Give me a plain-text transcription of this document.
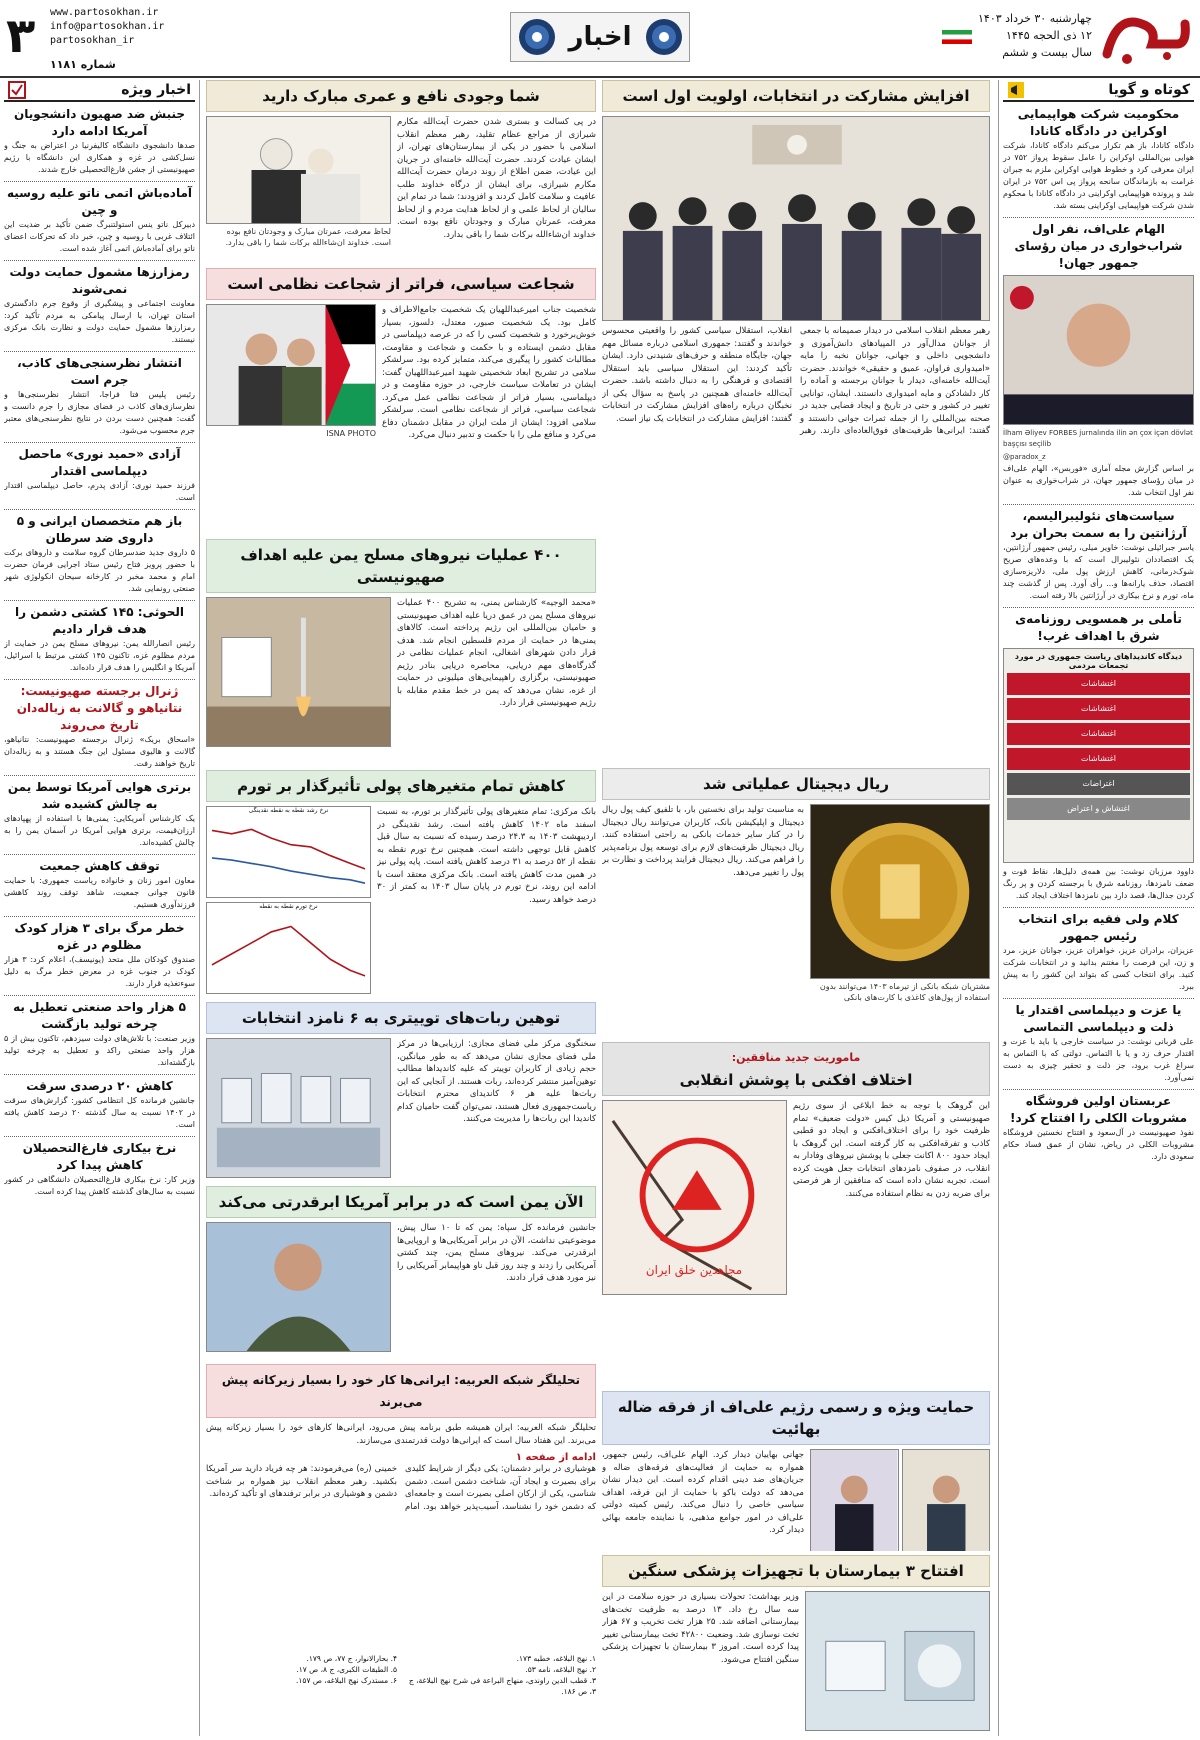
چهارشنبه ۳۰ خرداد ۱۴۰۳
۱۲ ذی الحجه ۱۴۴۵
سال بیست و ششم
اخبار
www.partosokhan.ir
info@partosokhan.ir
partosokhan_ir
شماره ۱۱۸۱
۳
کوتاه و گویا
محکومیت شرکت هواپیمایی اوکراین در دادگاه کانادا
دادگاه کانادا، باز هم تکرار می‌کنم دادگاه کانادا، شرکت هوایی بین‌المللی اوکراین را عامل سقوط پرواز ۷۵۲ در ایران معرفی کرد و خطوط هوایی اوکراین ملزم به جبران غرامت به بازماندگان سانحه پرواز پی اس ۷۵۲ در ایران شد و پرونده هواپیمایی اوکراینی در دادگاه کانادا با محکوم شدن شرکت هواپیمایی اوکراینی بسته شد.
الهام علی‌اف، نفر اول شراب‌خواری در میان رؤسای جمهور جهان!
İlham Əliyev FORBES jurnalında ilin ən çox içən dövlət başçısı seçilib
@paradox_z
بر اساس گزارش مجله آماری «فوربس»، الهام علی‌اف در میان رؤسای جمهور جهان، در شراب‌خواری به عنوان نفر اول انتخاب شد.
سیاست‌های نئولیبرالیسم، آرژانتین را به سمت بحران برد
یاسر جبرائیلی نوشت: خاویر میلی، رئیس جمهور آرژانتین، یک اقتصاددان نئولیبرال است که با وعده‌های صریح شوک‌درمانی، کاهش ارزش پول ملی، دلاریزه‌سازی اقتصاد، حذف یارانه‌ها و... رأی آورد. پس از گذشت چند ماه، تورم و نرخ بیکاری در آرژانتین بالا رفته است.
تأملی بر همسویی روزنامه‌ی شرق با اهداف غرب!
دیدگاه کاندیداهای ریاست جمهوری در مورد تجمعات مردمی
اغتشاشات
اغتشاشات
اغتشاشات
اغتشاشات
اغتراضات
اغتشاش و اعتراض
داوود مرزبان نوشت: بین همه‌ی دلیل‌ها، نقاط قوت و ضعف نامزدها، روزنامه شرق با برجسته کردن و پر رنگ کردن جدال‌ها، قصد دارد بین نامزدها اختلاف ایجاد کند.
کلام ولی فقیه برای انتخاب رئیس جمهور
عزیزان، برادران عزیز، خواهران عزیز، جوانان عزیز، مرد و زن، این فرصت را مغتنم بدانید و در انتخابات شرکت کنید. برای انتخاب کسی که بتواند این کشور را به پیش ببرد.
یا عزت و دیپلماسی اقتدار یا ذلت و دیپلماسی التماسی
علی قربانی نوشت: در سیاست خارجی یا باید با عزت و اقتدار حرف زد و یا با التماس. دولتی که با التماس به سراغ غرب برود، جز ذلت و تحقیر چیزی به دست نمی‌آورد.
عربستان اولین فروشگاه مشروبات الکلی را افتتاح کرد!
نفوذ صهیونیست در آل‌سعود و افتتاح نخستین فروشگاه مشروبات الکلی در ریاض، نشان از عمق فساد حکام سعودی دارد.
اخبار ویژه
جنبش ضد صهیون دانشجویان آمریکا ادامه دارد
صدها دانشجوی دانشگاه کالیفرنیا در اعتراض به جنگ و نسل‌کشی در غزه و همکاری این دانشگاه با رژیم صهیونیستی از جشن فارغ‌التحصیلی خارج شدند.
آماده‌باش اتمی ناتو علیه روسیه و چین
دبیرکل ناتو ینس استولتنبرگ ضمن تأکید بر ضدیت این ائتلاف غربی با روسیه و چین، خبر داد که تحرکات اعضای ناتو برای آماده‌باش اتمی آغاز شده است.
رمزارزها مشمول حمایت دولت نمی‌شوند
معاونت اجتماعی و پیشگیری از وقوع جرم دادگستری استان تهران، با ارسال پیامکی به مردم تأکید کرد: رمزارزها مشمول حمایت دولت و نظارت بانک مرکزی نیستند.
انتشار نظرسنجی‌های کاذب، جرم است
رئیس پلیس فتا فراجا، انتشار نظرسنجی‌ها و نظرسازی‌های کاذب در فضای مجازی را جرم دانست و گفت: همچنین دست بردن در نتایج نظرسنجی‌های معتبر جرم محسوب می‌شود.
آزادی «حمید نوری» ماحصل دیپلماسی اقتدار
فرزند حمید نوری: آزادی پدرم، حاصل دیپلماسی اقتدار است.
باز هم متخصصان ایرانی و ۵ داروی ضد سرطان
۵ داروی جدید ضدسرطان گروه سلامت و داروهای برکت با حضور پرویز فتاح رئیس ستاد اجرایی فرمان حضرت امام و محمد مخبر در کارخانه سیحان انکولوژی شهر صنعتی رونمایی شد.
الحوثی: ۱۴۵ کشتی دشمن را هدف قرار دادیم
رئیس انصارالله یمن: نیروهای مسلح یمن در حمایت از مردم مظلوم غزه، تاکنون ۱۴۵ کشتی مرتبط با اسرائیل، آمریکا و انگلیس را هدف قرار داده‌اند.
ژنرال برجسته صهیونیست: نتانیاهو و گالانت به زباله‌دان تاریخ می‌روند
«اسحاق بریک» ژنرال برجسته صهیونیست: نتانیاهو، گالانت و هالیوی مسئول این جنگ هستند و به زباله‌دان تاریخ خواهند رفت.
برتری هوایی آمریکا توسط یمن به چالش کشیده شد
یک کارشناس آمریکایی: یمنی‌ها با استفاده از پهپادهای ارزان‌قیمت، برتری هوایی آمریکا در آسمان یمن را به چالش کشیده‌اند.
توقف کاهش جمعیت
معاون امور زنان و خانواده ریاست جمهوری: با حمایت قانون جوانی جمعیت، شاهد توقف روند کاهشی فرزندآوری هستیم.
خطر مرگ برای ۳ هزار کودک مظلوم در غزه
صندوق کودکان ملل متحد (یونیسف)، اعلام کرد: ۳ هزار کودک در جنوب غزه در معرض خطر مرگ به دلیل سوءتغذیه قرار دارند.
۵ هزار واحد صنعتی تعطیل به چرخه تولید بازگشت
وزیر صنعت: با تلاش‌های دولت سیزدهم، تاکنون بیش از ۵ هزار واحد صنعتی راکد و تعطیل به چرخه تولید بازگشته‌اند.
کاهش ۲۰ درصدی سرقت
جانشین فرمانده کل انتظامی کشور: گزارش‌های سرقت در ۱۴۰۲ نسبت به سال گذشته ۲۰ درصد کاهش یافته است.
نرخ بیکاری فارغ‌التحصیلان کاهش پیدا کرد
وزیر کار: نرخ بیکاری فارغ‌التحصیلان دانشگاهی در کشور نسبت به سال‌های گذشته کاهش پیدا کرده است.
افزایش مشارکت در انتخابات، اولویت اول است
رهبر معظم انقلاب اسلامی در دیدار صمیمانه با جمعی از جوانان مدال‌آور در المپیادهای دانش‌آموزی و دانشجویی داخلی و جهانی، جوانان نخبه را مایه «امیدواری فراوان، عمیق و حقیقی» خواندند. حضرت آیت‌الله خامنه‌ای، دیدار با جوانان برجسته و آماده را کار دلشادکن و مایه امیدواری دانستند. ایشان، توانایی تغییر در کشور و حتی در تاریخ و ایجاد فضایی جدید در صحنه بین‌المللی را از جمله ثمرات جوانی دانستند و گفتند: ایرانی‌ها ظرفیت‌های فوق‌العاده‌ای دارند. رهبر انقلاب، استقلال سیاسی کشور را واقعیتی محسوس خواندند و گفتند: جمهوری اسلامی درباره مسائل مهم جهان، جایگاه منطقه و حرف‌های شنیدنی دارد. ایشان تأکید کردند: این استقلال سیاسی باید استقلال اقتصادی و فرهنگی را به دنبال داشته باشد. حضرت آیت‌الله خامنه‌ای همچنین در پاسخ به سؤال یکی از نخبگان درباره راه‌های افزایش مشارکت در انتخابات گفتند: افزایش مشارکت در انتخابات یک نیاز است.
شما وجودی نافع و عمری مبارک دارید
در پی کسالت و بستری شدن حضرت آیت‌الله مکارم شیرازی از مراجع عظام تقلید، رهبر معظم انقلاب اسلامی با حضور در یکی از بیمارستان‌های تهران، از ایشان عیادت کردند. حضرت آیت‌الله خامنه‌ای در جریان این عیادت، ضمن اطلاع از روند درمان حضرت آیت‌الله مکارم شیرازی، برای ایشان از درگاه خداوند طلب عافیت و سلامت کامل کردند و افزودند: شما در تمام این سالیان از لحاظ علمی و از لحاظ هدایت مردم و از لحاظ معرفت، عمرتان مبارک و وجودتان نافع بوده است. خداوند ان‌شاءالله برکات شما را باقی بدارد.
لحاظ معرفت، عمرتان مبارک و وجودتان نافع بوده است. خداوند ان‌شاءالله برکات شما را باقی بدارد.
شجاعت سیاسی، فراتر از شجاعت نظامی است
شخصیت جناب امیرعبداللهیان یک شخصیت جامع‌الاطراف و کامل بود. یک شخصیت صبور، معتدل، دلسوز، بسیار خوش‌برخورد و شخصیت کسی را که در عرصه دیپلماسی در مقابل دشمن ایستاده و با حکمت و شجاعت و مقاومت، مطالبات کشور را پیگیری می‌کند، متمایز کرده بود. سرلشکر سلامی در تشریح ابعاد شخصیتی شهید امیرعبداللهیان گفت: ایشان در تعاملات سیاست خارجی، در حوزه مقاومت و در دیپلماسی، بسیار فراتر از شجاعت نظامی عمل می‌کرد. شجاعت سیاسی، فراتر از شجاعت نظامی است. سرلشکر سلامی افزود: ایشان از ملت ایران در مقابل دشمنان دفاع می‌کرد و منافع ملی را با حکمت و تدبیر دنبال می‌کرد.
ISNA PHOTO
۴۰۰ عملیات نیروهای مسلح یمن علیه اهداف صهیونیستی
«محمد الوجیه» کارشناس یمنی، به تشریح ۴۰۰ عملیات نیروهای مسلح یمن در عمق دریا علیه اهداف صهیونیستی و حامیان بین‌المللی این رژیم پرداخته است. کالاهای یمنی‌ها در حمایت از مردم فلسطین انجام شد. هدف قرار دادن شهرهای اشغالی، انجام عملیات نظامی در گذرگاه‌های مهم دریایی، محاصره دریایی بنادر رژیم صهیونیستی، برگزاری راهپیمایی‌های میلیونی در حمایت از غزه، نشان می‌دهد که یمن در خط مقدم مقابله با رژیم صهیونیستی قرار دارد.
ریال دیجیتال عملیاتی شد
مشتریان شبکه بانکی از تیرماه ۱۴۰۳ می‌توانند بدون استفاده از پول‌های کاغذی با کارت‌های بانکی
به مناسبت تولید برای نخستین بار، با تلفیق کیف پول ریال دیجیتال و اپلیکیشن بانک، کاربران می‌توانند ریال دیجیتال را در کنار سایر خدمات بانکی به راحتی استفاده کنند. ریال دیجیتال ظرفیت‌های لازم برای توسعه پول برنامه‌پذیر را فراهم می‌کند. ریال دیجیتال فرایند پرداخت و نظارت بر پول را تغییر می‌دهد.
کاهش تمام متغیرهای پولی تأثیرگذار بر تورم
بانک مرکزی: تمام متغیرهای پولی تأثیرگذار بر تورم، به نسبت اسفند ماه ۱۴۰۲ کاهش یافته است. رشد نقدینگی در اردیبهشت ۱۴۰۳ به ۲۴.۳ درصد رسیده که نسبت به سال قبل کاهش قابل توجهی داشته است. همچنین نرخ تورم نقطه به نقطه از ۵۲ درصد به ۳۱ درصد کاهش یافته است. پایه پولی نیز در همین مدت کاهش یافته است. بانک مرکزی معتقد است با ادامه این روند، نرخ تورم در پایان سال ۱۴۰۳ به کمتر از ۳۰ درصد خواهد رسید.
نرخ رشد نقطه به نقطه نقدینگی
نرخ تورم نقطه به نقطه
توهین ربات‌های توییتری به ۶ نامزد انتخابات
سخنگوی مرکز ملی فضای مجازی: ارزیابی‌ها در مرکز ملی فضای مجازی نشان می‌دهد که به طور میانگین، حجم زیادی از کاربران توییتر که علیه کاندیداها مطالب توهین‌آمیز منتشر کرده‌اند، ربات هستند. از آنجایی که این ربات‌ها علیه هر ۶ کاندیدای محترم انتخابات ریاست‌جمهوری فعال هستند، نمی‌توان گفت حامیان کدام کاندیدا این ربات‌ها را مدیریت می‌کنند.
ماموریت جدید منافقین:
اختلاف افکنی با پوشش انقلابی
این گروهک با توجه به خط ابلاغی از سوی رژیم صهیونیستی و آمریکا ذیل کیس «دولت ضعیف» تمام ظرفیت خود را برای اختلاف‌افکنی و ایجاد دو قطبی کاذب و تفرقه‌افکنی به کار گرفته است. این گروهک با ایجاد حدود ۸۰۰ اکانت جعلی با پوشش نیروهای وفادار به انقلاب، در صفوف نامزدهای انتخابات جعل هویت کرده است. تجربه نشان داده است که منافقین از هر فرصتی برای ضربه زدن به نظام استفاده می‌کنند.
مجاهدین خلق ایران
الآن یمن است که در برابر آمریکا ابرقدرتی می‌کند
جانشین فرمانده کل سپاه: یمن که تا ۱۰ سال پیش، موضوعیتی نداشت، الآن در برابر آمریکایی‌ها و اروپایی‌ها ابرقدرتی می‌کند. نیروهای مسلح یمن، چند کشتی آمریکایی را زدند و چند روز قبل ناو هواپیمابر آمریکایی را نیز مورد هدف قرار دادند.
تحلیلگر شبکه العربیه: ایرانی‌ها کار خود را بسیار زیرکانه پیش می‌برند
تحلیلگر شبکه العربیه: ایران همیشه طبق برنامه پیش می‌رود، ایرانی‌ها کارهای خود را بسیار زیرکانه پیش می‌برند. این هفتاد سال است که ایرانی‌ها دولت قدرتمندی می‌سازند.
ادامه از صفحه ۱
هوشیاری در برابر دشمنان: یکی دیگر از شرایط کلیدی برای بصیرت و ایجاد آن، شناخت دشمن است. دشمن شناسی، یکی از ارکان اصلی بصیرت است و جامعه‌ای که دشمن خود را نشناسد، آسیب‌پذیر خواهد بود. امام خمینی (ره) می‌فرمودند: هر چه فریاد دارید سر آمریکا بکشید. رهبر معظم انقلاب نیز همواره بر شناخت دشمن و هوشیاری در برابر ترفندهای او تأکید کرده‌اند.
۱. نهج البلاغه، خطبه ۱۷۳.
۲. نهج البلاغه، نامه ۵۳.
۳. قطب الدین راوندی، منهاج البراعة فی شرح نهج البلاغة، ج ۳، ص ۱۸۶.
۴. بحارالانوار، ج ۷۷، ص ۱۷۹.
۵. الطبقات الکبری، ج ۸، ص ۱۷.
۶. مستدرک نهج البلاغه، ص ۱۵۷.
حمایت ویژه و رسمی رژیم علی‌اف از فرقه ضاله بهائیت
جهانی بهاییان دیدار کرد. الهام علی‌اف، رئیس جمهور، همواره به حمایت از فعالیت‌های فرقه‌های ضاله و جریان‌های ضد دینی اقدام کرده است. این دیدار نشان می‌دهد که دولت باکو با حمایت از این فرقه، اهداف سیاسی خاصی را دنبال می‌کند. رئیس کمیته دولتی علی‌اف در امور جوامع مذهبی، با نماینده جامعه بهائی دیدار کرد.
افتتاح ۳ بیمارستان با تجهیزات پزشکی سنگین
وزیر بهداشت: تحولات بسیاری در حوزه سلامت در این سه سال رخ داد. ۱۳ درصد به ظرفیت تخت‌های بیمارستانی اضافه شد. ۲۵ هزار تخت تخریب و ۶۷ هزار تخت نوسازی شد. وضعیت ۴۲۸۰۰ تخت بیمارستانی تغییر پیدا کرده است. امروز ۳ بیمارستان با تجهیزات پزشکی سنگین افتتاح می‌شود.
